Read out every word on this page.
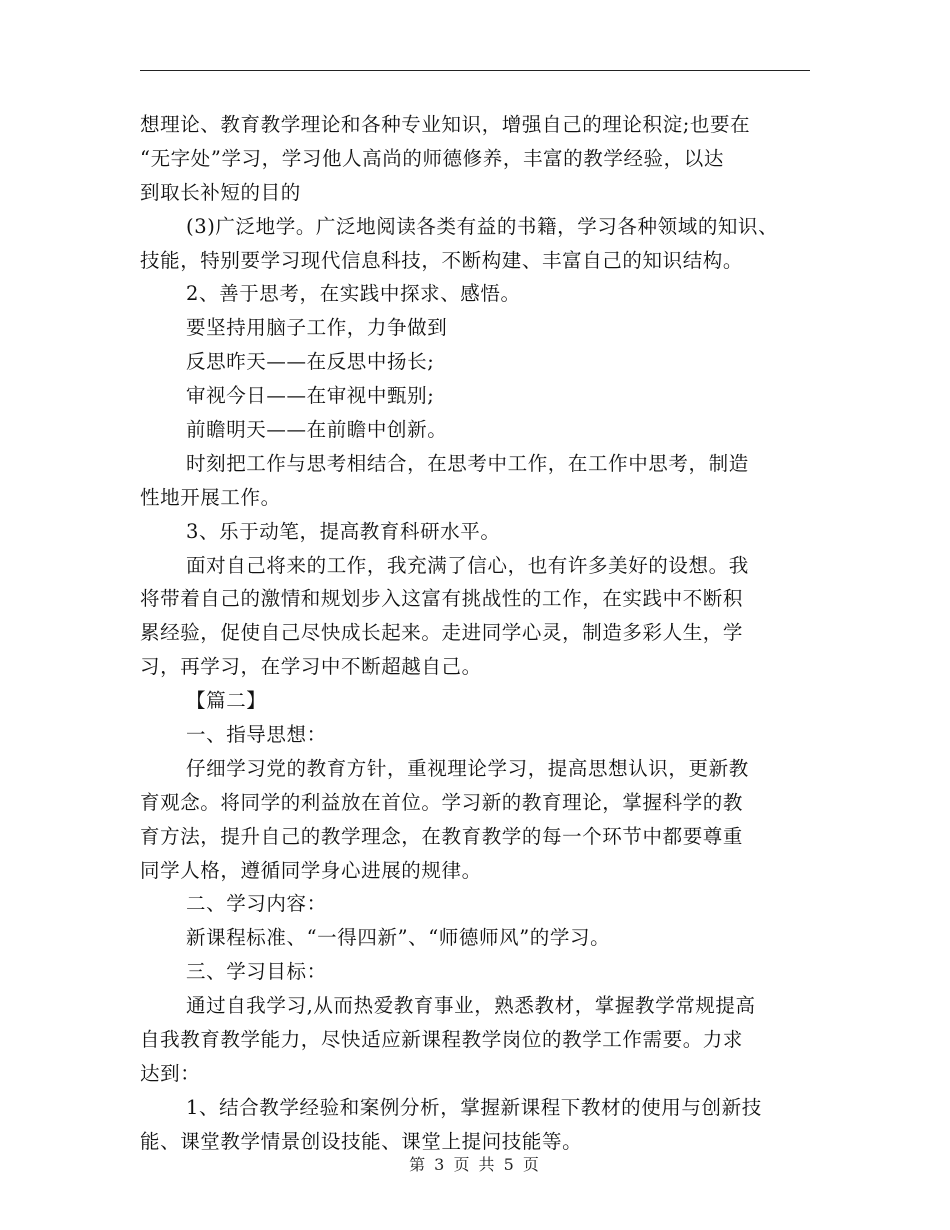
想理论、教育教学理论和各种专业知识，增强自己的理论积淀;也要在
“无字处”学习，学习他人高尚的师德修养，丰富的教学经验，以达
到取长补短的目的
(3)广泛地学。广泛地阅读各类有益的书籍，学习各种领域的知识、
技能，特别要学习现代信息科技，不断构建、丰富自己的知识结构。
2、善于思考，在实践中探求、感悟。
要坚持用脑子工作，力争做到
反思昨天——在反思中扬长;
审视今日——在审视中甄别;
前瞻明天——在前瞻中创新。
时刻把工作与思考相结合，在思考中工作，在工作中思考，制造
性地开展工作。
3、乐于动笔，提高教育科研水平。
面对自己将来的工作，我充满了信心，也有许多美好的设想。我
将带着自己的激情和规划步入这富有挑战性的工作，在实践中不断积
累经验，促使自己尽快成长起来。走进同学心灵，制造多彩人生，学
习，再学习，在学习中不断超越自己。
【篇二】
一、指导思想：
仔细学习党的教育方针，重视理论学习，提高思想认识，更新教
育观念。将同学的利益放在首位。学习新的教育理论，掌握科学的教
育方法，提升自己的教学理念，在教育教学的每一个环节中都要尊重
同学人格，遵循同学身心进展的规律。
二、学习内容：
新课程标准、“一得四新”、“师德师风”的学习。
三、学习目标：
通过自我学习,从而热爱教育事业，熟悉教材，掌握教学常规提高
自我教育教学能力，尽快适应新课程教学岗位的教学工作需要。力求
达到：
1、结合教学经验和案例分析，掌握新课程下教材的使用与创新技
能、课堂教学情景创设技能、课堂上提问技能等。
第 3 页 共 5 页
